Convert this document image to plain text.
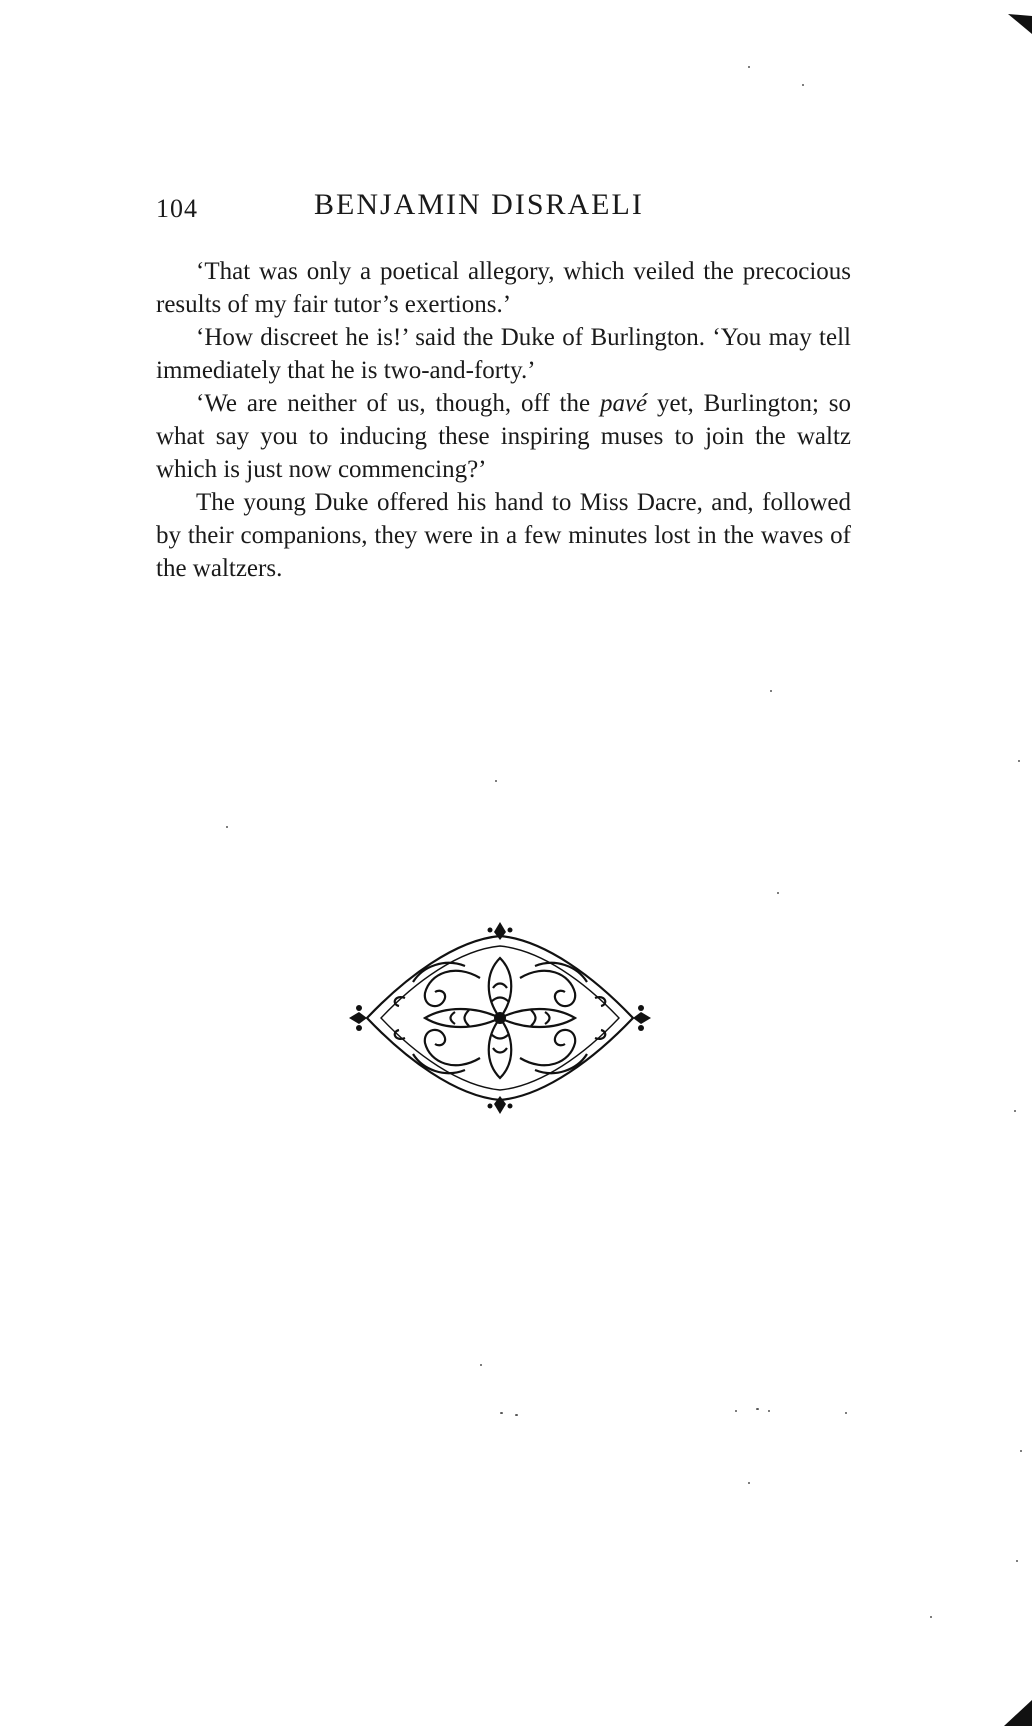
104	BENJAMIN DISRAELI

‘That was only a poetical allegory, which veiled the precocious results of my fair tutor’s exertions.’

‘How discreet he is!’ said the Duke of Burlington. ‘You may tell immediately that he is two-and-forty.’

‘We are neither of us, though, off the pavé yet, Burlington; so what say you to inducing these inspiring muses to join the waltz which is just now commencing?’

The young Duke offered his hand to Miss Dacre, and, followed by their companions, they were in a few minutes lost in the waves of the waltzers.
